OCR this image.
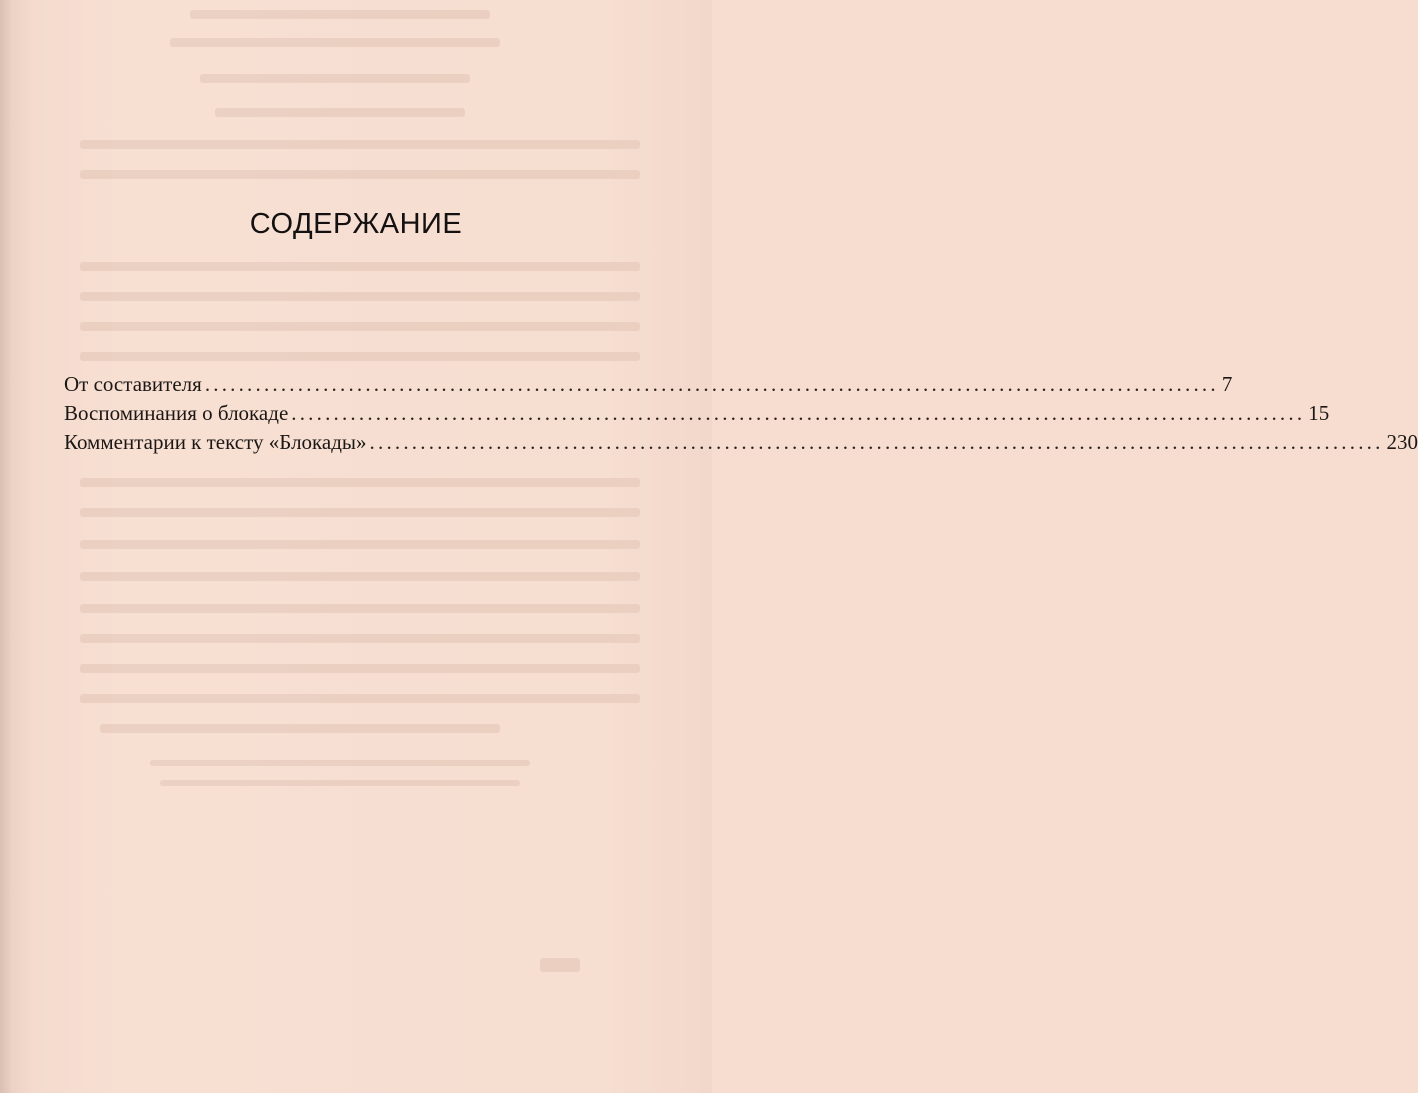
СОДЕРЖАНИЕ
От составителя ........................................................................................................................ 7
Воспоминания о блокаде ........................................................................................................................ 15
Комментарии к тексту «Блокады» ........................................................................................................................ 230
